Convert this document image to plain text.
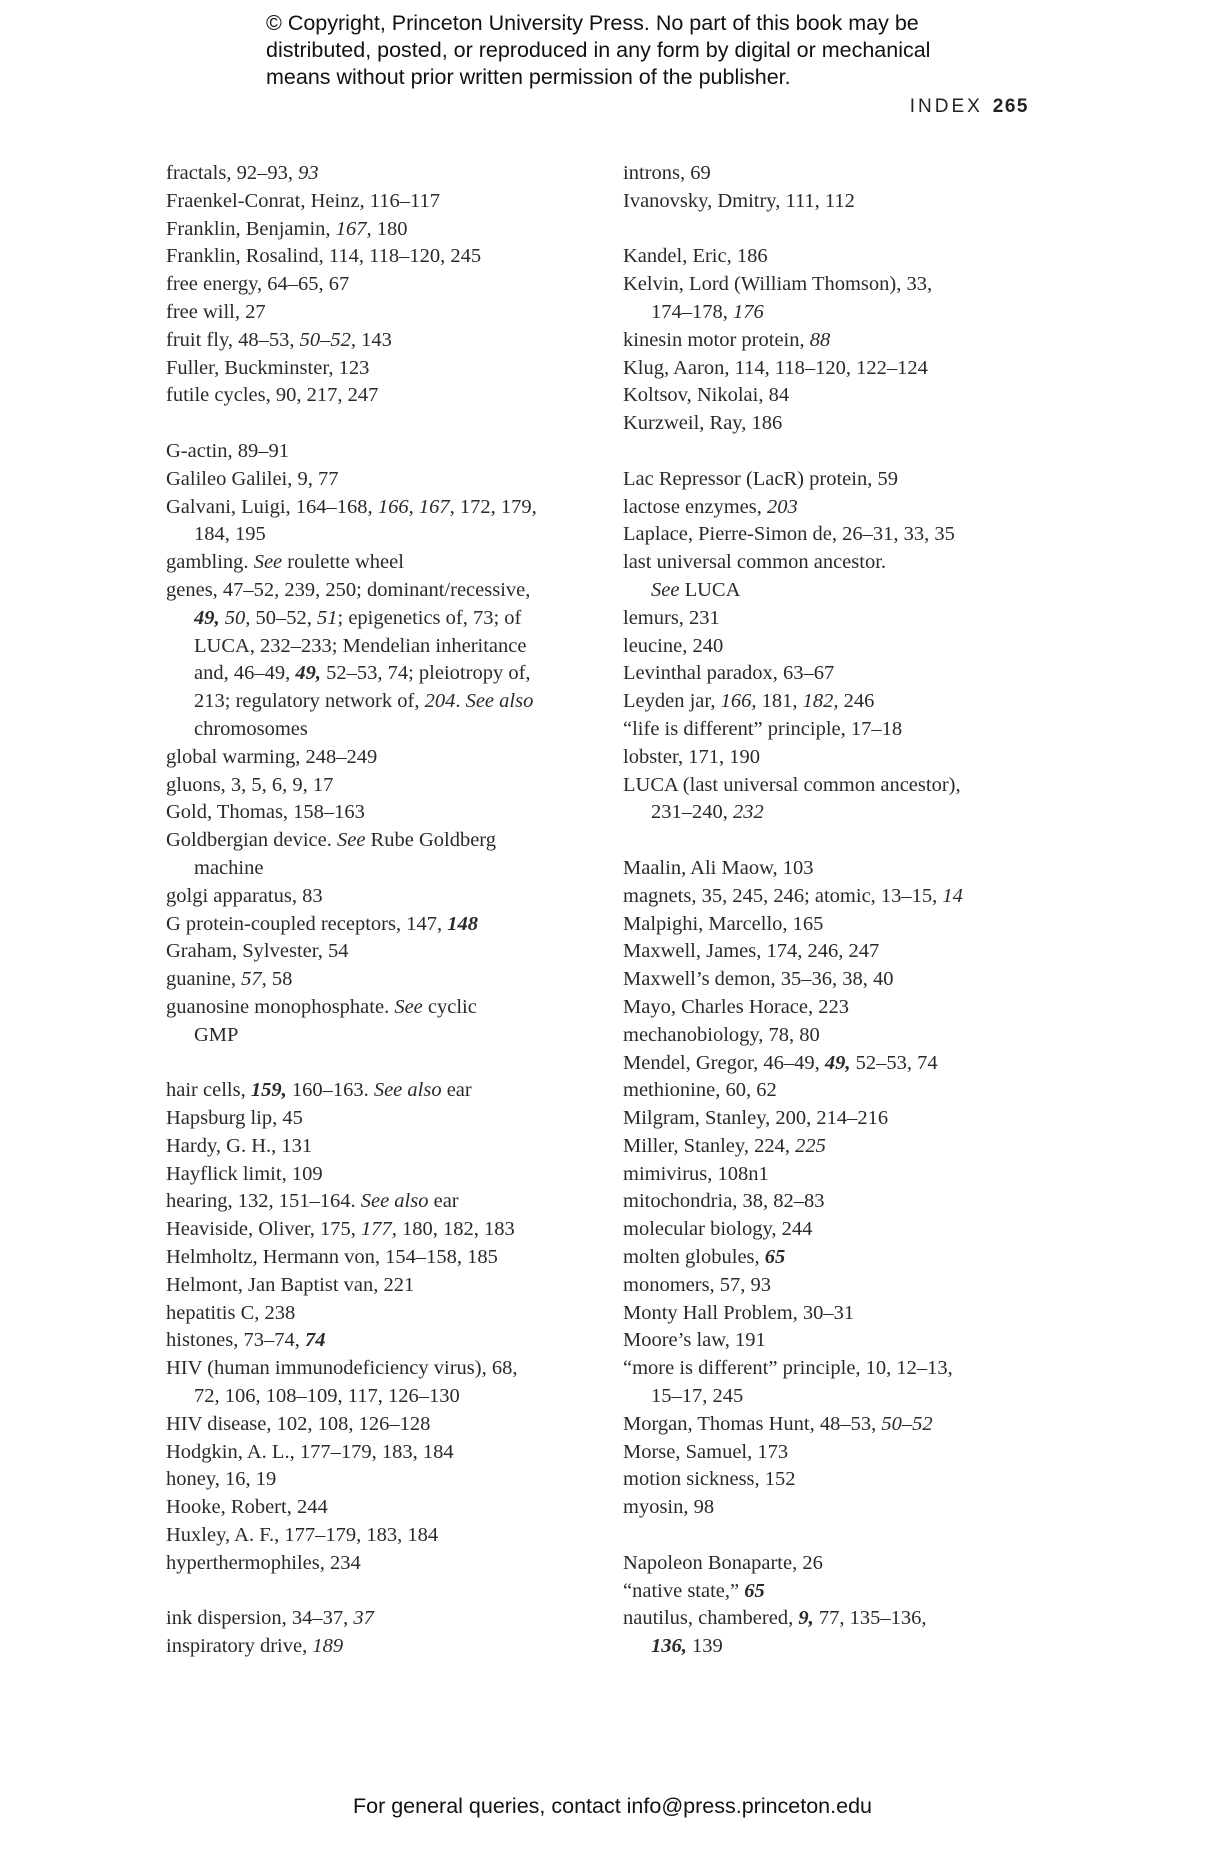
© Copyright, Princeton University Press. No part of this book may be
distributed, posted, or reproduced in any form by digital or mechanical
means without prior written permission of the publisher.
INDEX 265
fractals, 92–93, 93
Fraenkel-Conrat, Heinz, 116–117
Franklin, Benjamin, 167, 180
Franklin, Rosalind, 114, 118–120, 245
free energy, 64–65, 67
free will, 27
fruit fly, 48–53, 50–52, 143
Fuller, Buckminster, 123
futile cycles, 90, 217, 247
G-actin, 89–91
Galileo Galilei, 9, 77
Galvani, Luigi, 164–168, 166, 167, 172, 179,
184, 195
gambling. See roulette wheel
genes, 47–52, 239, 250; dominant/recessive,
49, 50, 50–52, 51; epigenetics of, 73; of
LUCA, 232–233; Mendelian inheritance
and, 46–49, 49, 52–53, 74; pleiotropy of,
213; regulatory network of, 204. See also
chromosomes
global warming, 248–249
gluons, 3, 5, 6, 9, 17
Gold, Thomas, 158–163
Goldbergian device. See Rube Goldberg
machine
golgi apparatus, 83
G protein-coupled receptors, 147, 148
Graham, Sylvester, 54
guanine, 57, 58
guanosine monophosphate. See cyclic
GMP
hair cells, 159, 160–163. See also ear
Hapsburg lip, 45
Hardy, G. H., 131
Hayflick limit, 109
hearing, 132, 151–164. See also ear
Heaviside, Oliver, 175, 177, 180, 182, 183
Helmholtz, Hermann von, 154–158, 185
Helmont, Jan Baptist van, 221
hepatitis C, 238
histones, 73–74, 74
HIV (human immunodeficiency virus), 68,
72, 106, 108–109, 117, 126–130
HIV disease, 102, 108, 126–128
Hodgkin, A. L., 177–179, 183, 184
honey, 16, 19
Hooke, Robert, 244
Huxley, A. F., 177–179, 183, 184
hyperthermophiles, 234
ink dispersion, 34–37, 37
inspiratory drive, 189
introns, 69
Ivanovsky, Dmitry, 111, 112
Kandel, Eric, 186
Kelvin, Lord (William Thomson), 33,
174–178, 176
kinesin motor protein, 88
Klug, Aaron, 114, 118–120, 122–124
Koltsov, Nikolai, 84
Kurzweil, Ray, 186
Lac Repressor (LacR) protein, 59
lactose enzymes, 203
Laplace, Pierre-Simon de, 26–31, 33, 35
last universal common ancestor.
See LUCA
lemurs, 231
leucine, 240
Levinthal paradox, 63–67
Leyden jar, 166, 181, 182, 246
“life is different” principle, 17–18
lobster, 171, 190
LUCA (last universal common ancestor),
231–240, 232
Maalin, Ali Maow, 103
magnets, 35, 245, 246; atomic, 13–15, 14
Malpighi, Marcello, 165
Maxwell, James, 174, 246, 247
Maxwell’s demon, 35–36, 38, 40
Mayo, Charles Horace, 223
mechanobiology, 78, 80
Mendel, Gregor, 46–49, 49, 52–53, 74
methionine, 60, 62
Milgram, Stanley, 200, 214–216
Miller, Stanley, 224, 225
mimivirus, 108n1
mitochondria, 38, 82–83
molecular biology, 244
molten globules, 65
monomers, 57, 93
Monty Hall Problem, 30–31
Moore’s law, 191
“more is different” principle, 10, 12–13,
15–17, 245
Morgan, Thomas Hunt, 48–53, 50–52
Morse, Samuel, 173
motion sickness, 152
myosin, 98
Napoleon Bonaparte, 26
“native state,” 65
nautilus, chambered, 9, 77, 135–136,
136, 139
For general queries, contact info@press.princeton.edu
